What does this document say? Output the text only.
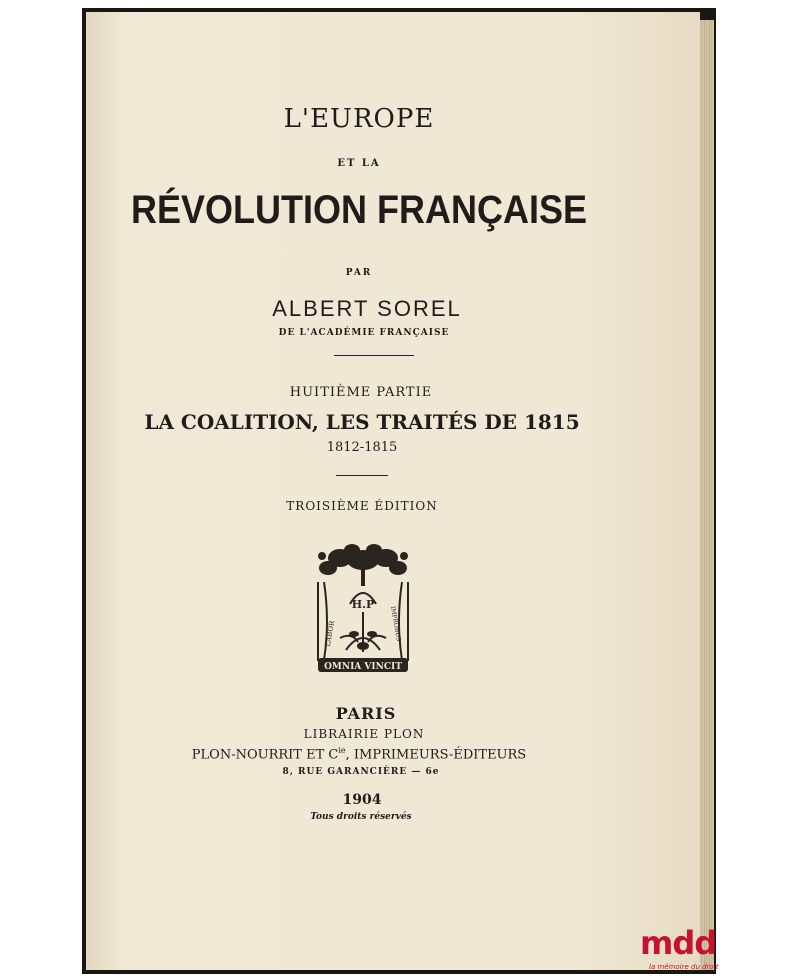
L'EUROPE
ET LA
RÉVOLUTION FRANÇAISE
PAR
ALBERT SOREL
DE L'ACADÉMIE FRANÇAISE
HUITIÈME PARTIE
LA COALITION, LES TRAITÉS DE 1815
1812-1815
TROISIÈME ÉDITION
H.P
LABOR	IMPROBUS
OMNIA VINCIT
PARIS
LIBRAIRIE PLON
PLON-NOURRIT ET $C^{ie}$, IMPRIMEURS-ÉDITEURS
8, RUE GARANCIÈRE — 6e
1904
Tous droits réservés
mdd
la mémoire du droit
